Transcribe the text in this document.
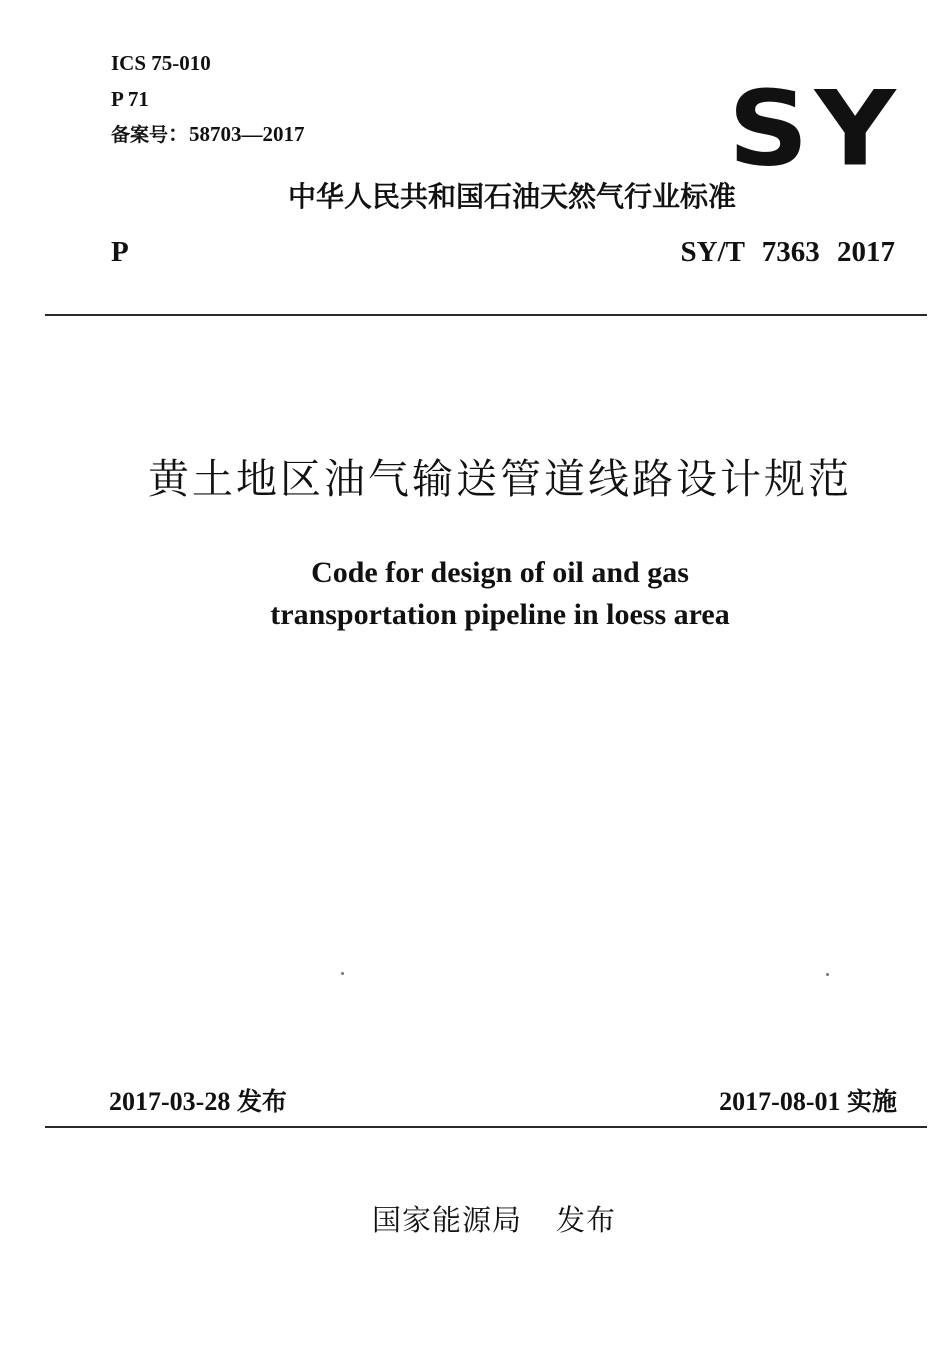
ICS 75-010
P 71
备案号：58703—2017	SY
中华人民共和国石油天然气行业标准
P	SY/T 7363 2017
黄土地区油气输送管道线路设计规范
Code for design of oil and gas
transportation pipeline in loess area
2017-03-28 发布	2017-08-01 实施
国家能源局 发布
